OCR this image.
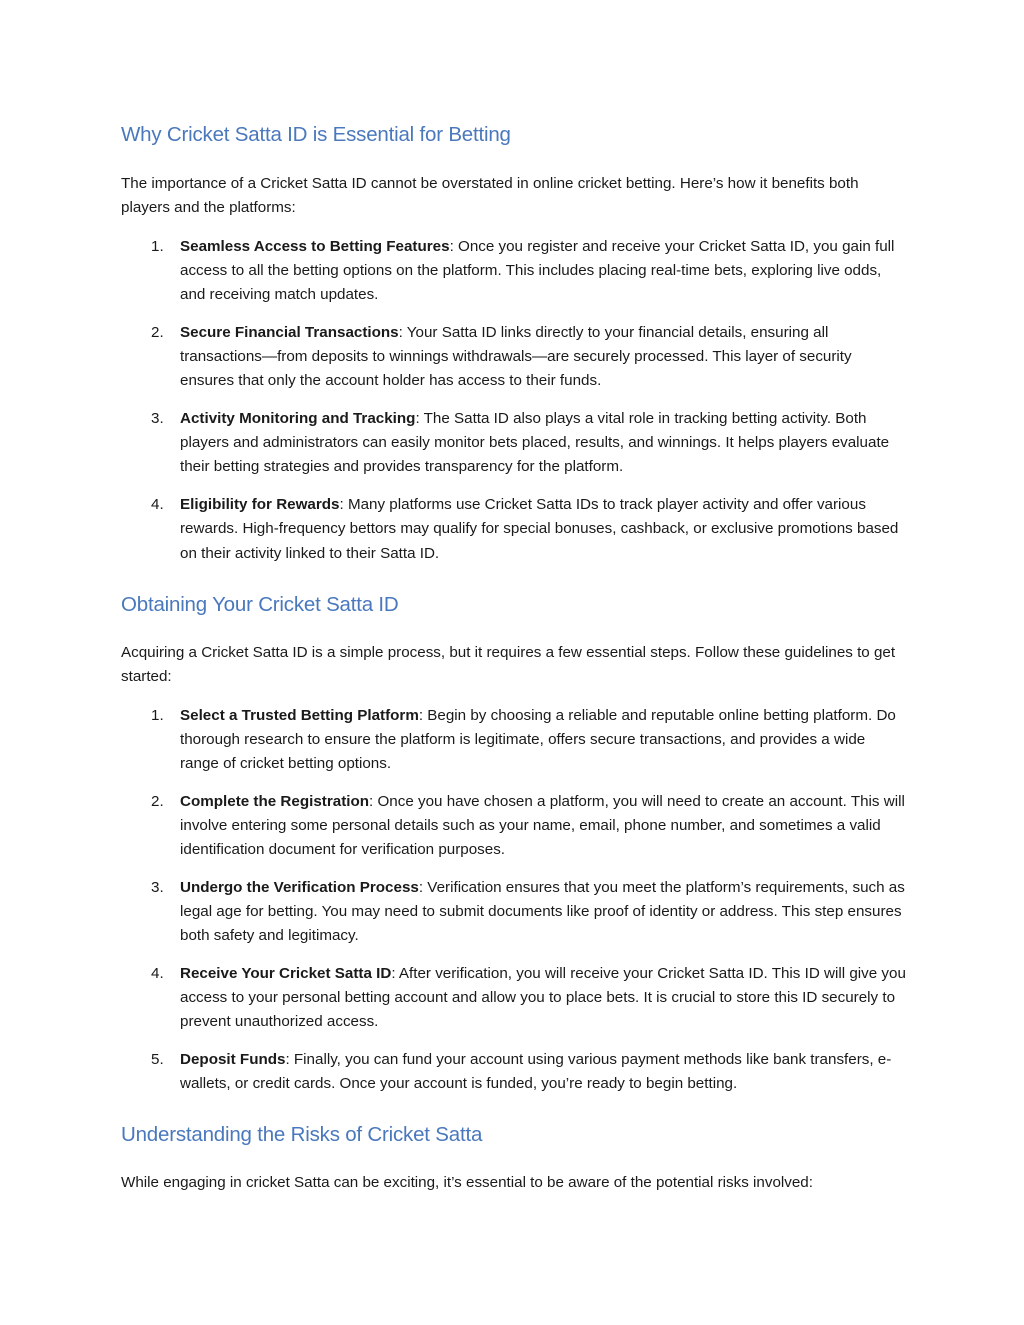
Why Cricket Satta ID is Essential for Betting

The importance of a Cricket Satta ID cannot be overstated in online cricket betting. Here’s how it benefits both players and the platforms:

1. Seamless Access to Betting Features: Once you register and receive your Cricket Satta ID, you gain full access to all the betting options on the platform. This includes placing real-time bets, exploring live odds, and receiving match updates.
2. Secure Financial Transactions: Your Satta ID links directly to your financial details, ensuring all transactions—from deposits to winnings withdrawals—are securely processed. This layer of security ensures that only the account holder has access to their funds.
3. Activity Monitoring and Tracking: The Satta ID also plays a vital role in tracking betting activity. Both players and administrators can easily monitor bets placed, results, and winnings. It helps players evaluate their betting strategies and provides transparency for the platform.
4. Eligibility for Rewards: Many platforms use Cricket Satta IDs to track player activity and offer various rewards. High-frequency bettors may qualify for special bonuses, cashback, or exclusive promotions based on their activity linked to their Satta ID.
Obtaining Your Cricket Satta ID

Acquiring a Cricket Satta ID is a simple process, but it requires a few essential steps. Follow these guidelines to get started:

1. Select a Trusted Betting Platform: Begin by choosing a reliable and reputable online betting platform. Do thorough research to ensure the platform is legitimate, offers secure transactions, and provides a wide range of cricket betting options.
2. Complete the Registration: Once you have chosen a platform, you will need to create an account. This will involve entering some personal details such as your name, email, phone number, and sometimes a valid identification document for verification purposes.
3. Undergo the Verification Process: Verification ensures that you meet the platform’s requirements, such as legal age for betting. You may need to submit documents like proof of identity or address. This step ensures both safety and legitimacy.
4. Receive Your Cricket Satta ID: After verification, you will receive your Cricket Satta ID. This ID will give you access to your personal betting account and allow you to place bets. It is crucial to store this ID securely to prevent unauthorized access.
5. Deposit Funds: Finally, you can fund your account using various payment methods like bank transfers, e-wallets, or credit cards. Once your account is funded, you’re ready to begin betting.
Understanding the Risks of Cricket Satta

While engaging in cricket Satta can be exciting, it’s essential to be aware of the potential risks involved:
